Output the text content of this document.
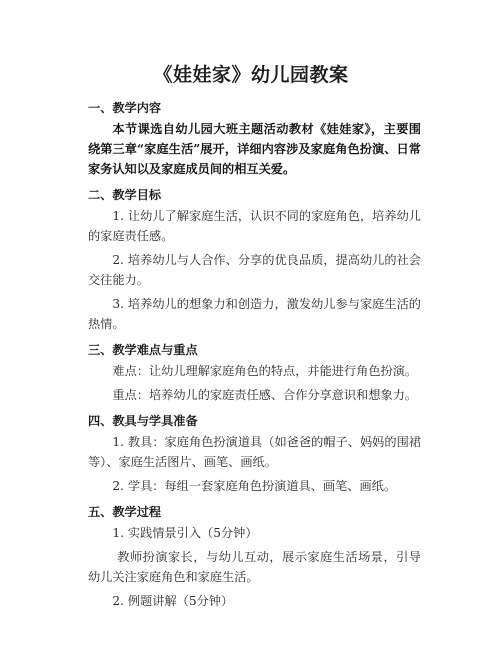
《娃娃家》幼儿园教案
一、教学内容
本节课选自幼儿园大班主题活动教材《娃娃家》，主要围绕第三章“家庭生活”展开，详细内容涉及家庭角色扮演、日常家务认知以及家庭成员间的相互关爱。
二、教学目标
1. 让幼儿了解家庭生活，认识不同的家庭角色，培养幼儿的家庭责任感。
2. 培养幼儿与人合作、分享的优良品质，提高幼儿的社会交往能力。
3. 培养幼儿的想象力和创造力，激发幼儿参与家庭生活的热情。
三、教学难点与重点
难点：让幼儿理解家庭角色的特点，并能进行角色扮演。
重点：培养幼儿的家庭责任感、合作分享意识和想象力。
四、教具与学具准备
1. 教具：家庭角色扮演道具（如爸爸的帽子、妈妈的围裙等）、家庭生活图片、画笔、画纸。
2. 学具：每组一套家庭角色扮演道具、画笔、画纸。
五、教学过程
1. 实践情景引入（5分钟）
教师扮演家长，与幼儿互动，展示家庭生活场景，引导幼儿关注家庭角色和家庭生活。
2. 例题讲解（5分钟）
